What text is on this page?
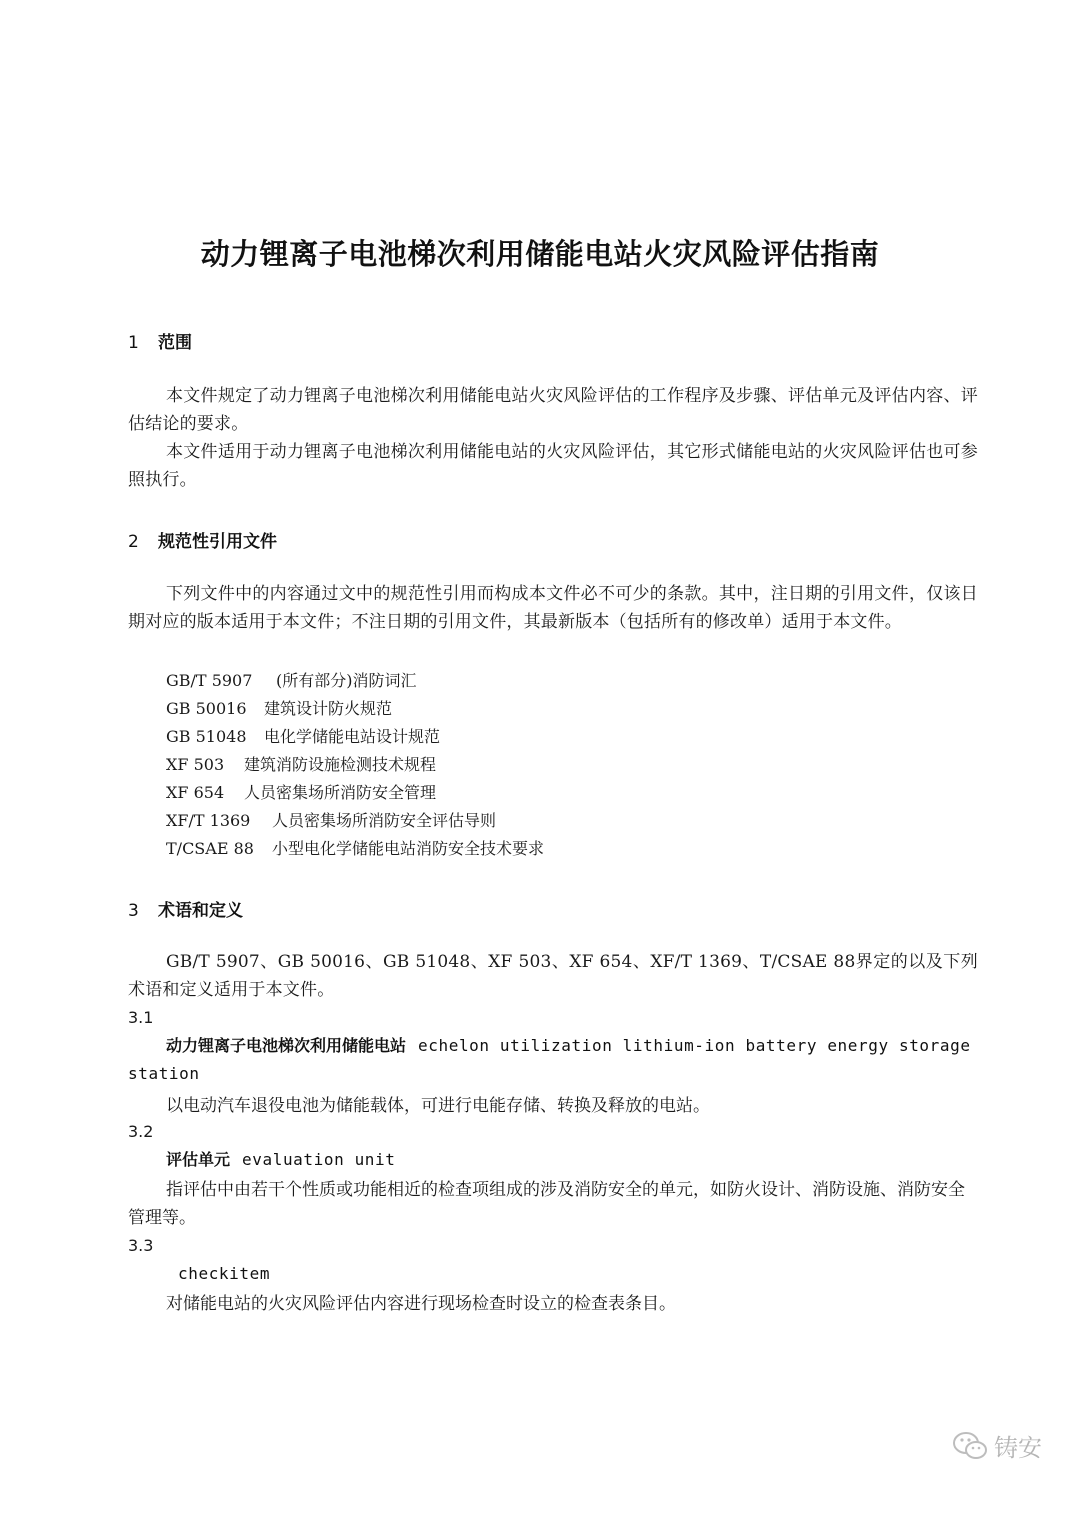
动力锂离子电池梯次利用储能电站火灾风险评估指南
1 范围
本文件规定了动力锂离子电池梯次利用储能电站火灾风险评估的工作程序及步骤、评估单元及评估内容、评估结论的要求。
本文件适用于动力锂离子电池梯次利用储能电站的火灾风险评估，其它形式储能电站的火灾风险评估也可参照执行。
2 规范性引用文件
下列文件中的内容通过文中的规范性引用而构成本文件必不可少的条款。其中，注日期的引用文件，仅该日期对应的版本适用于本文件；不注日期的引用文件，其最新版本（包括所有的修改单）适用于本文件。
GB/T 5907 (所有部分)消防词汇
GB 50016 建筑设计防火规范
GB 51048 电化学储能电站设计规范
XF 503 建筑消防设施检测技术规程
XF 654 人员密集场所消防安全管理
XF/T 1369 人员密集场所消防安全评估导则
T/CSAE 88 小型电化学储能电站消防安全技术要求
3 术语和定义
GB/T 5907、GB 50016、GB 51048、XF 503、XF 654、XF/T 1369、T/CSAE 88界定的以及下列术语和定义适用于本文件。
3.1
动力锂离子电池梯次利用储能电站 echelon utilization lithium-ion battery energy storage station
以电动汽车退役电池为储能载体，可进行电能存储、转换及释放的电站。
3.2
评估单元 evaluation unit
指评估中由若干个性质或功能相近的检查项组成的涉及消防安全的单元，如防火设计、消防设施、消防安全管理等。
3.3
checkitem
对储能电站的火灾风险评估内容进行现场检查时设立的检查表条目。
铸安
